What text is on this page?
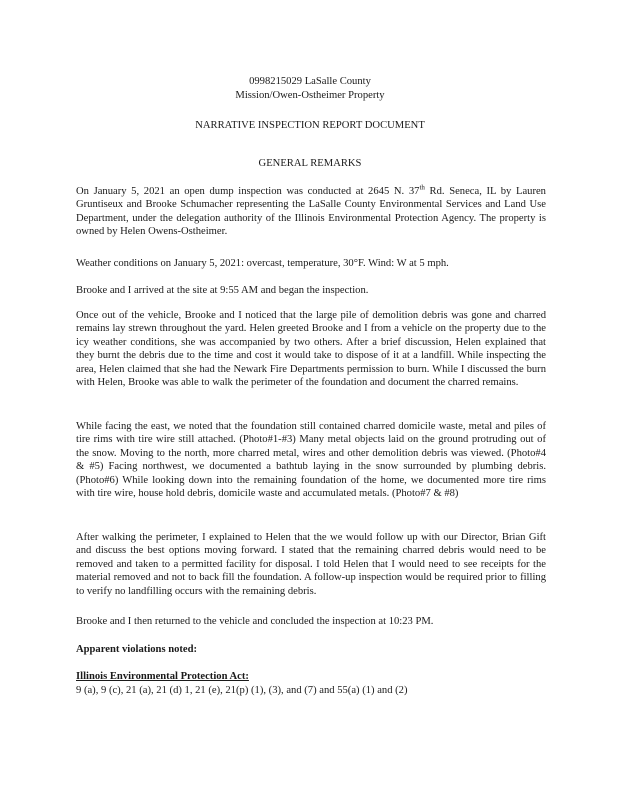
0998215029 LaSalle County
Mission/Owen-Ostheimer Property
NARRATIVE INSPECTION REPORT DOCUMENT
GENERAL REMARKS
On January 5, 2021 an open dump inspection was conducted at 2645 N. 37th Rd. Seneca, IL by Lauren Gruntiseux and Brooke Schumacher representing the LaSalle County Environmental Services and Land Use Department, under the delegation authority of the Illinois Environmental Protection Agency. The property is owned by Helen Owens-Ostheimer.
Weather conditions on January 5, 2021: overcast, temperature, 30°F. Wind: W at 5 mph.
Brooke and I arrived at the site at 9:55 AM and began the inspection.
Once out of the vehicle, Brooke and I noticed that the large pile of demolition debris was gone and charred remains lay strewn throughout the yard. Helen greeted Brooke and I from a vehicle on the property due to the icy weather conditions, she was accompanied by two others. After a brief discussion, Helen explained that they burnt the debris due to the time and cost it would take to dispose of it at a landfill. While inspecting the area, Helen claimed that she had the Newark Fire Departments permission to burn. While I discussed the burn with Helen, Brooke was able to walk the perimeter of the foundation and document the charred remains.
While facing the east, we noted that the foundation still contained charred domicile waste, metal and piles of tire rims with tire wire still attached. (Photo#1-#3) Many metal objects laid on the ground protruding out of the snow. Moving to the north, more charred metal, wires and other demolition debris was viewed. (Photo#4 & #5) Facing northwest, we documented a bathtub laying in the snow surrounded by plumbing debris. (Photo#6) While looking down into the remaining foundation of the home, we documented more tire rims with tire wire, house hold debris, domicile waste and accumulated metals. (Photo#7 & #8)
After walking the perimeter, I explained to Helen that the we would follow up with our Director, Brian Gift and discuss the best options moving forward. I stated that the remaining charred debris would need to be removed and taken to a permitted facility for disposal. I told Helen that I would need to see receipts for the material removed and not to back fill the foundation. A follow-up inspection would be required prior to filling to verify no landfilling occurs with the remaining debris.
Brooke and I then returned to the vehicle and concluded the inspection at 10:23 PM.
Apparent violations noted:
Illinois Environmental Protection Act:
9 (a), 9 (c), 21 (a), 21 (d) 1, 21 (e), 21(p) (1), (3), and (7) and 55(a) (1) and (2)
